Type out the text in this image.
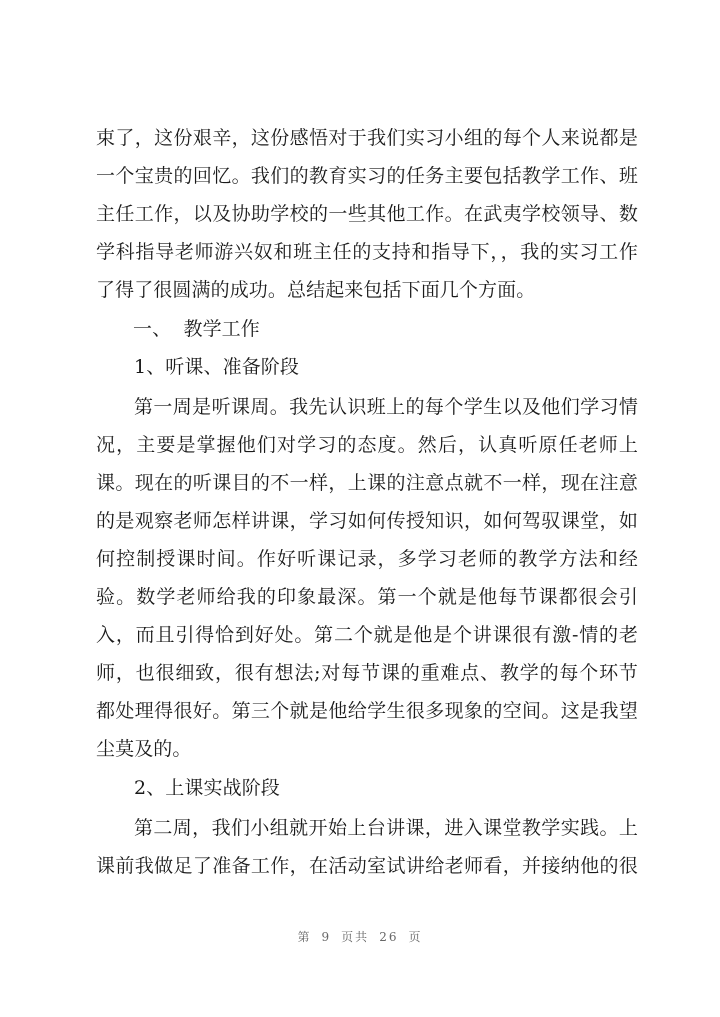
束了，这份艰辛，这份感悟对于我们实习小组的每个人来说都是
一个宝贵的回忆。我们的教育实习的任务主要包括教学工作、班
主任工作，以及协助学校的一些其他工作。在武夷学校领导、数
学科指导老师游兴奴和班主任的支持和指导下，，我的实习工作
了得了很圆满的成功。总结起来包括下面几个方面。
一、  教学工作
1、听课、准备阶段
第一周是听课周。我先认识班上的每个学生以及他们学习情
况，主要是掌握他们对学习的态度。然后，认真听原任老师上
课。现在的听课目的不一样，上课的注意点就不一样，现在注意
的是观察老师怎样讲课，学习如何传授知识，如何驾驭课堂，如
何控制授课时间。作好听课记录，多学习老师的教学方法和经
验。数学老师给我的印象最深。第一个就是他每节课都很会引
入，而且引得恰到好处。第二个就是他是个讲课很有激-情的老
师，也很细致，很有想法;对每节课的重难点、教学的每个环节
都处理得很好。第三个就是他给学生很多现象的空间。这是我望
尘莫及的。
2、上课实战阶段
第二周，我们小组就开始上台讲课，进入课堂教学实践。上
课前我做足了准备工作，在活动室试讲给老师看，并接纳他的很
第 9 页共 26 页
